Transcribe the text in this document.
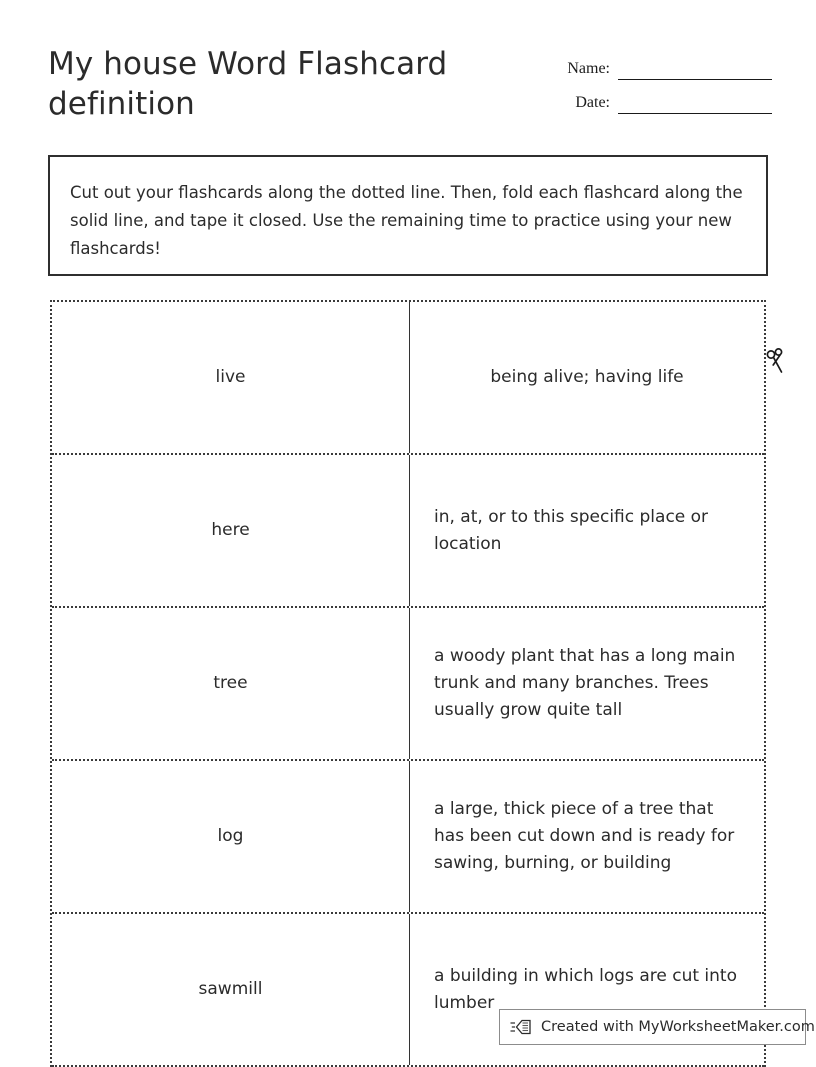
My house Word Flashcard definition
Name:
Date:
Cut out your flashcards along the dotted line. Then, fold each flashcard along the solid line, and tape it closed. Use the remaining time to practice using your new flashcards!
live	being alive; having life
here
in, at, or to this specific place or location
tree
a woody plant that has a long main trunk and many branches. Trees usually grow quite tall
log
a large, thick piece of a tree that has been cut down and is ready for sawing, burning, or building
sawmill
a building in which logs are cut into lumber
Created with MyWorksheetMaker.com
